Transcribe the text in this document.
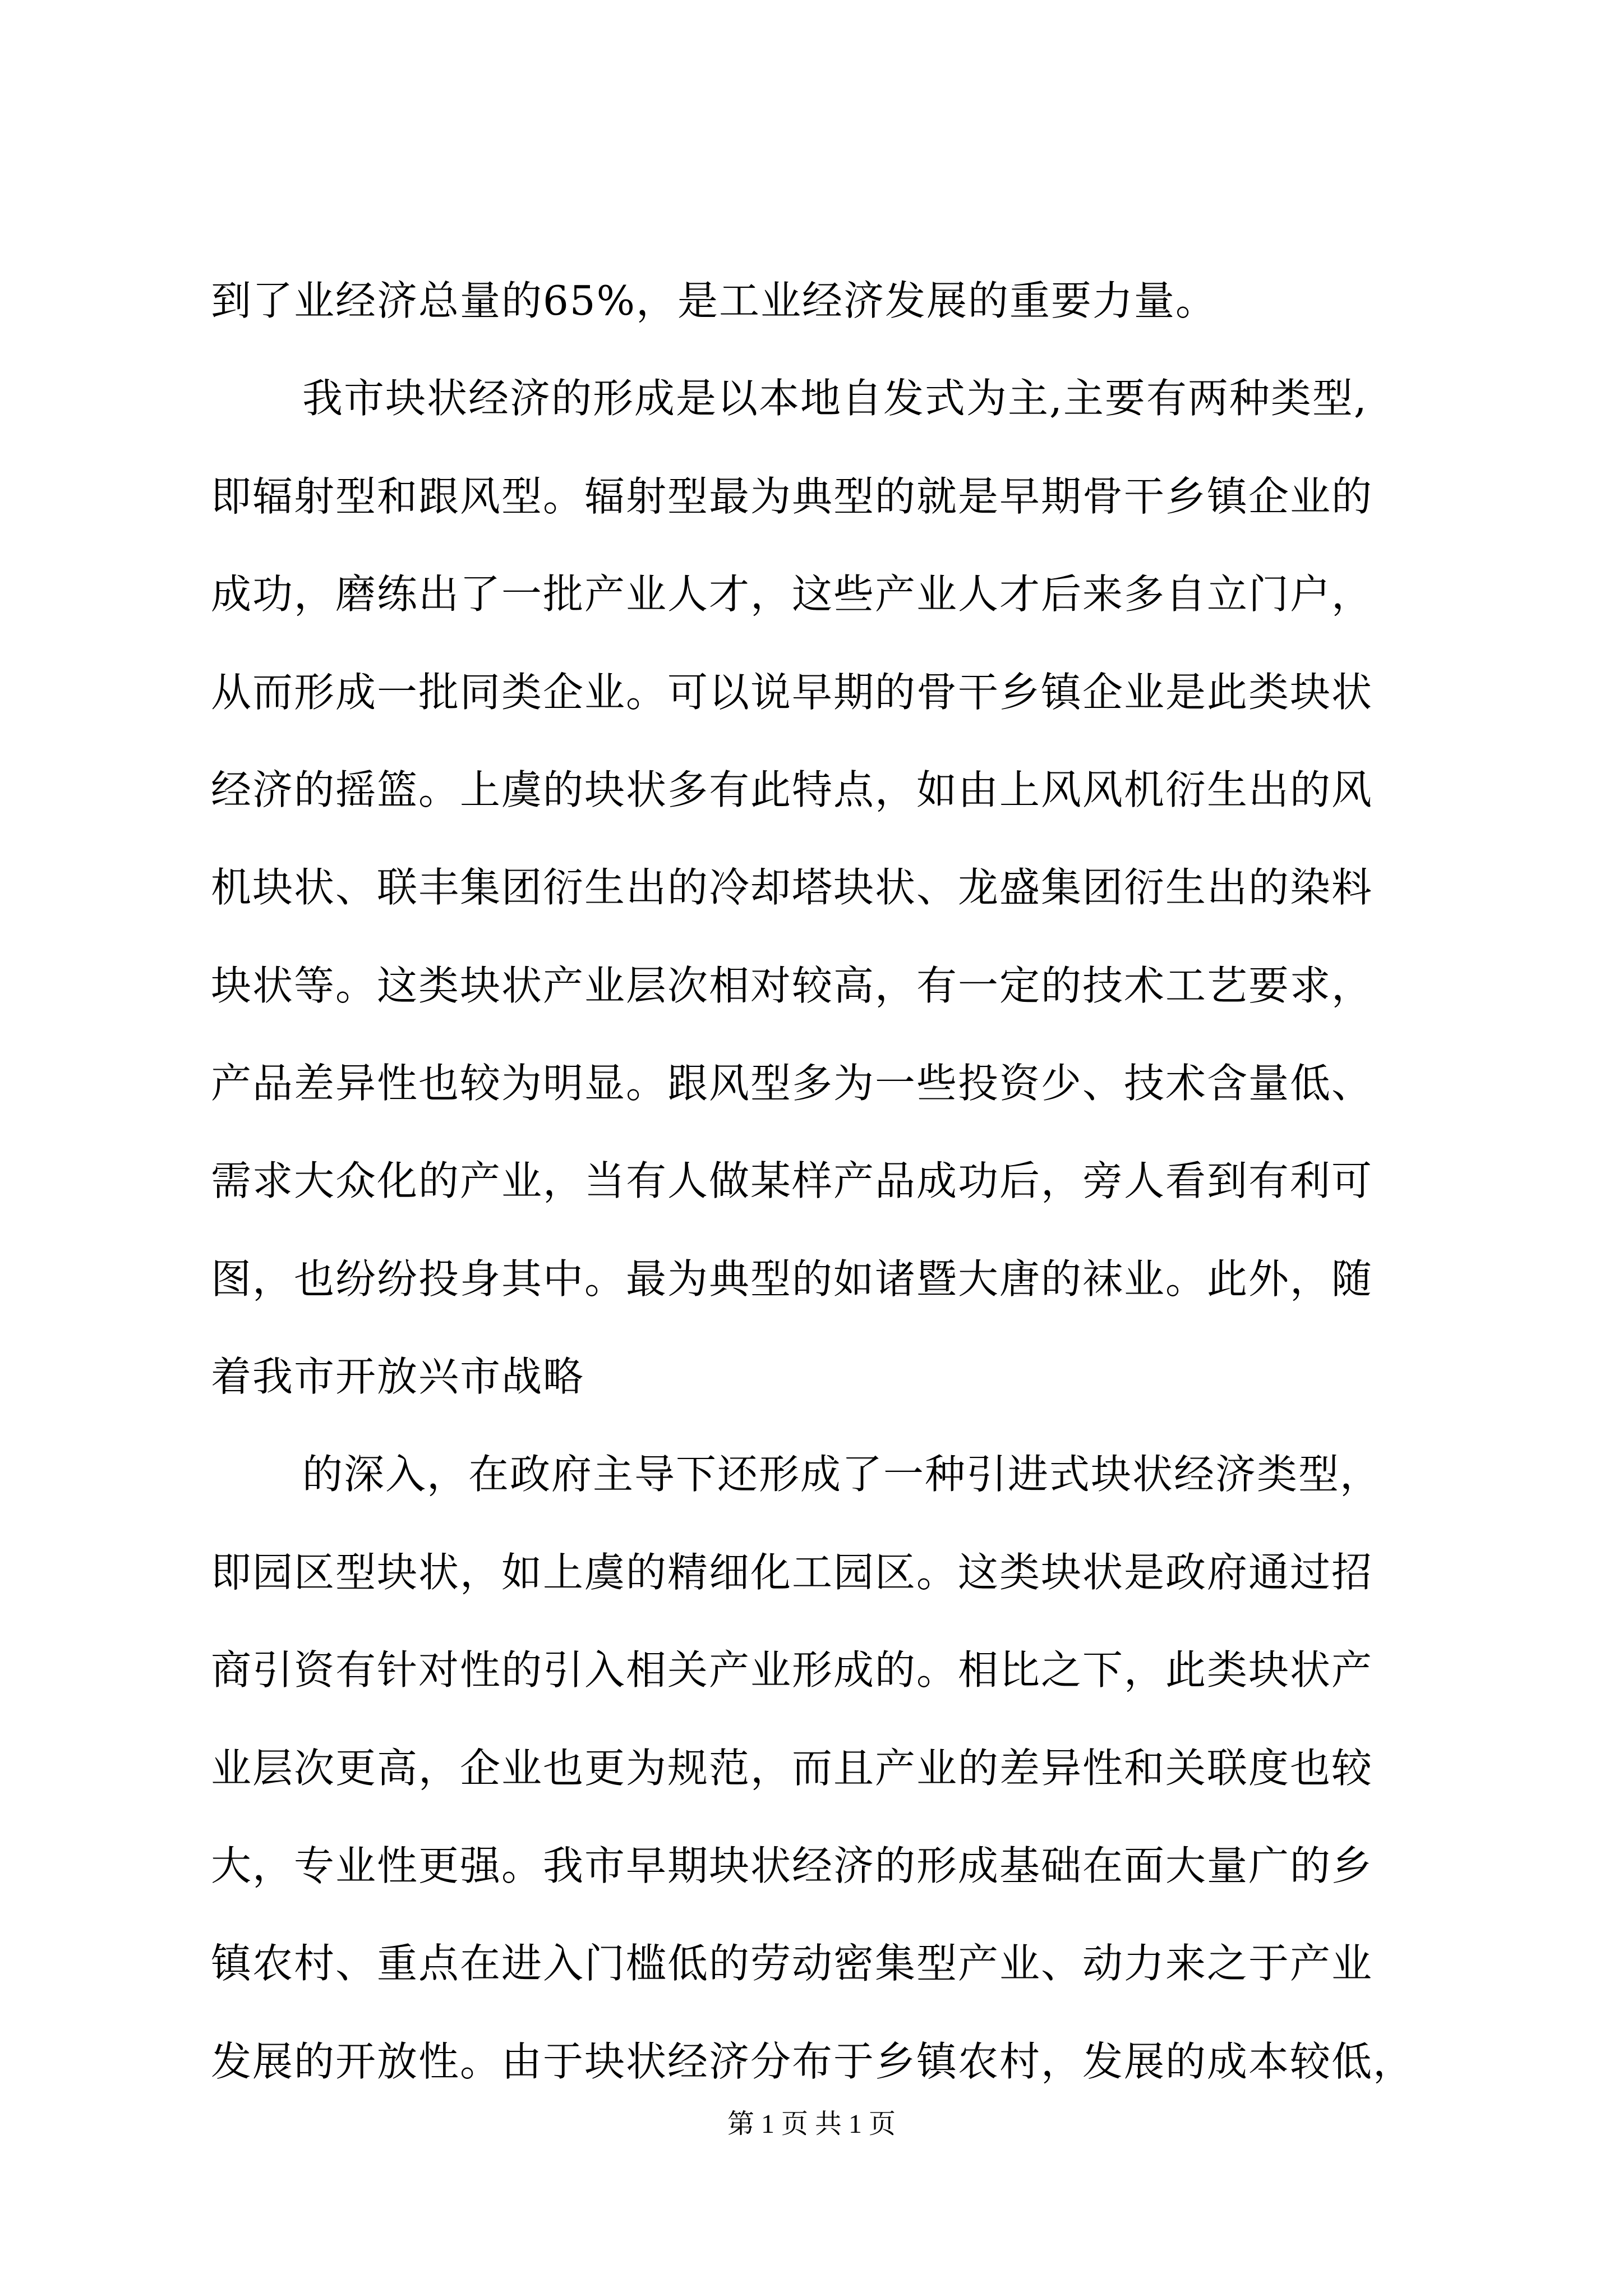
到了业经济总量的65%，是工业经济发展的重要力量。
我市块状经济的形成是以本地自发式为主,主要有两种类型,
即辐射型和跟风型。辐射型最为典型的就是早期骨干乡镇企业的
成功，磨练出了一批产业人才，这些产业人才后来多自立门户，
从而形成一批同类企业。可以说早期的骨干乡镇企业是此类块状
经济的摇篮。上虞的块状多有此特点，如由上风风机衍生出的风
机块状、联丰集团衍生出的冷却塔块状、龙盛集团衍生出的染料
块状等。这类块状产业层次相对较高，有一定的技术工艺要求，
产品差异性也较为明显。跟风型多为一些投资少、技术含量低、
需求大众化的产业，当有人做某样产品成功后，旁人看到有利可
图，也纷纷投身其中。最为典型的如诸暨大唐的袜业。此外，随
着我市开放兴市战略
的深入，在政府主导下还形成了一种引进式块状经济类型，
即园区型块状，如上虞的精细化工园区。这类块状是政府通过招
商引资有针对性的引入相关产业形成的。相比之下，此类块状产
业层次更高，企业也更为规范，而且产业的差异性和关联度也较
大，专业性更强。我市早期块状经济的形成基础在面大量广的乡
镇农村、重点在进入门槛低的劳动密集型产业、动力来之于产业
发展的开放性。由于块状经济分布于乡镇农村，发展的成本较低，
第 1 页 共 1 页
